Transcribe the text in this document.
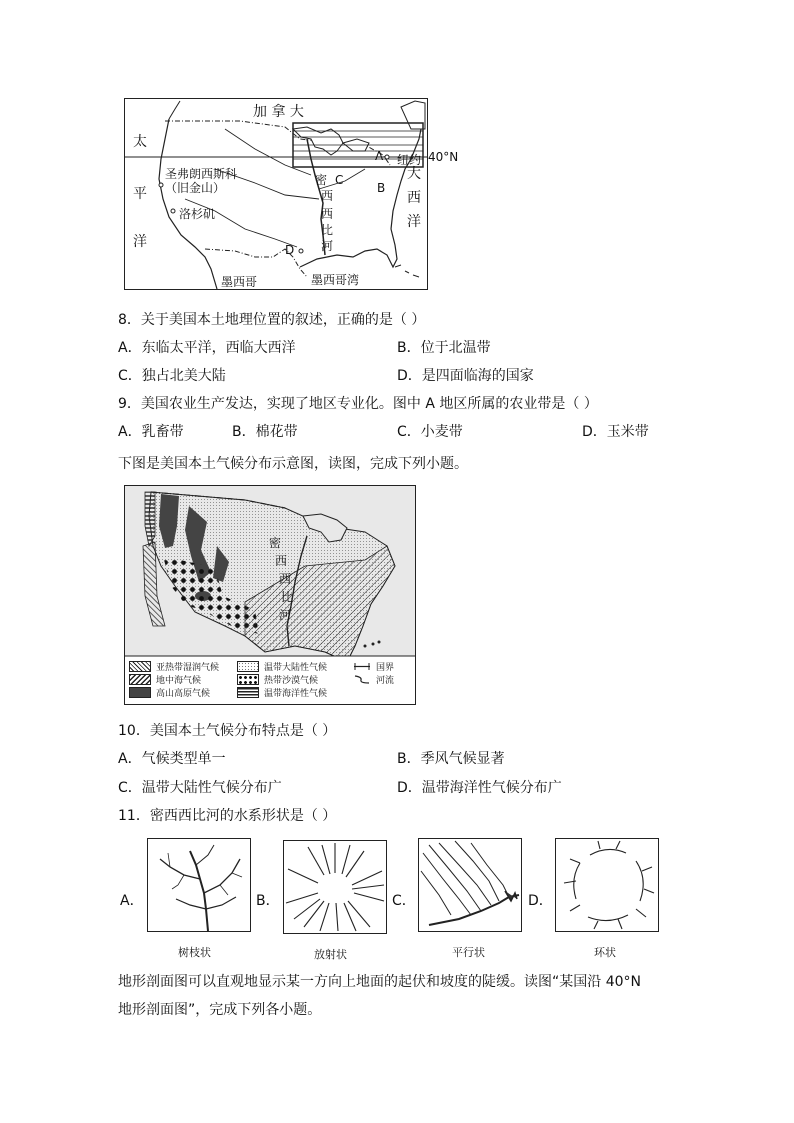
加 拿 大
太
平
洋
大
西
洋
圣弗朗西斯科
（旧金山）
洛杉矶
密
西
西
比
河
A
C
B
D
纽约
墨西哥	墨西哥湾
40°N
8．关于美国本土地理位置的叙述，正确的是（ ）
A．东临太平洋，西临大西洋	B．位于北温带
C．独占北美大陆	D．是四面临海的国家
9．美国农业生产发达，实现了地区专业化。图中 A 地区所属的农业带是（ ）
A．乳畜带	B．棉花带	C．小麦带	D．玉米带
下图是美国本土气候分布示意图，读图，完成下列小题。
密
西
西
比
河
亚热带湿润气候
地中海气候
高山高原气候
温带大陆性气候
热带沙漠气候
温带海洋性气候
国界
河流
10．美国本土气候分布特点是（ ）
A．气候类型单一	B．季风气候显著
C．温带大陆性气候分布广	D．温带海洋性气候分布广
11．密西西比河的水系形状是（ ）
A．
树枝状
B．
放射状
C．
平行状
D．
环状
地形剖面图可以直观地显示某一方向上地面的起伏和坡度的陡缓。读图“某国沿 40°N
地形剖面图”，完成下列各小题。
